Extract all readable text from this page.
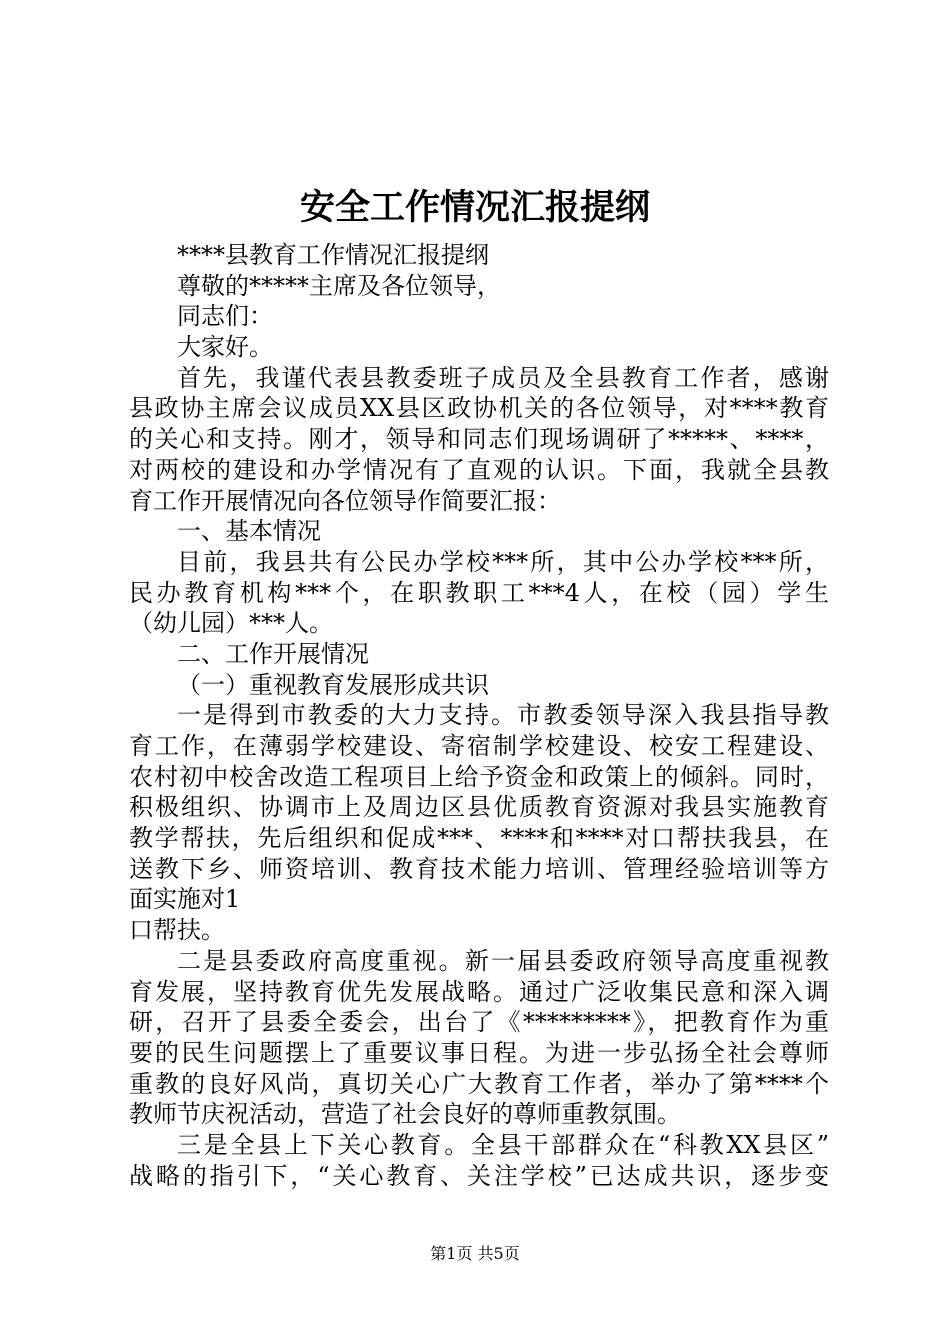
安全工作情况汇报提纲
****县教育工作情况汇报提纲
尊敬的*****主席及各位领导，
同志们：
大家好。
首先，我谨代表县教委班子成员及全县教育工作者，感谢
县政协主席会议成员XX县区政协机关的各位领导，对****教育
的关心和支持。刚才，领导和同志们现场调研了*****、****，
对两校的建设和办学情况有了直观的认识。下面，我就全县教
育工作开展情况向各位领导作简要汇报：
一、基本情况
目前，我县共有公民办学校***所，其中公办学校***所，
民办教育机构***个，在职教职工***4人，在校（园）学生
（幼儿园）***人。
二、工作开展情况
（一）重视教育发展形成共识
一是得到市教委的大力支持。市教委领导深入我县指导教
育工作，在薄弱学校建设、寄宿制学校建设、校安工程建设、
农村初中校舍改造工程项目上给予资金和政策上的倾斜。同时，
积极组织、协调市上及周边区县优质教育资源对我县实施教育
教学帮扶，先后组织和促成***、****和****对口帮扶我县，在
送教下乡、师资培训、教育技术能力培训、管理经验培训等方
面实施对1
口帮扶。
二是县委政府高度重视。新一届县委政府领导高度重视教
育发展，坚持教育优先发展战略。通过广泛收集民意和深入调
研，召开了县委全委会，出台了《*********》，把教育作为重
要的民生问题摆上了重要议事日程。为进一步弘扬全社会尊师
重教的良好风尚，真切关心广大教育工作者，举办了第****个
教师节庆祝活动，营造了社会良好的尊师重教氛围。
三是全县上下关心教育。全县干部群众在“科教XX县区”
战略的指引下，“关心教育、关注学校”已达成共识，逐步变
第1页 共5页
